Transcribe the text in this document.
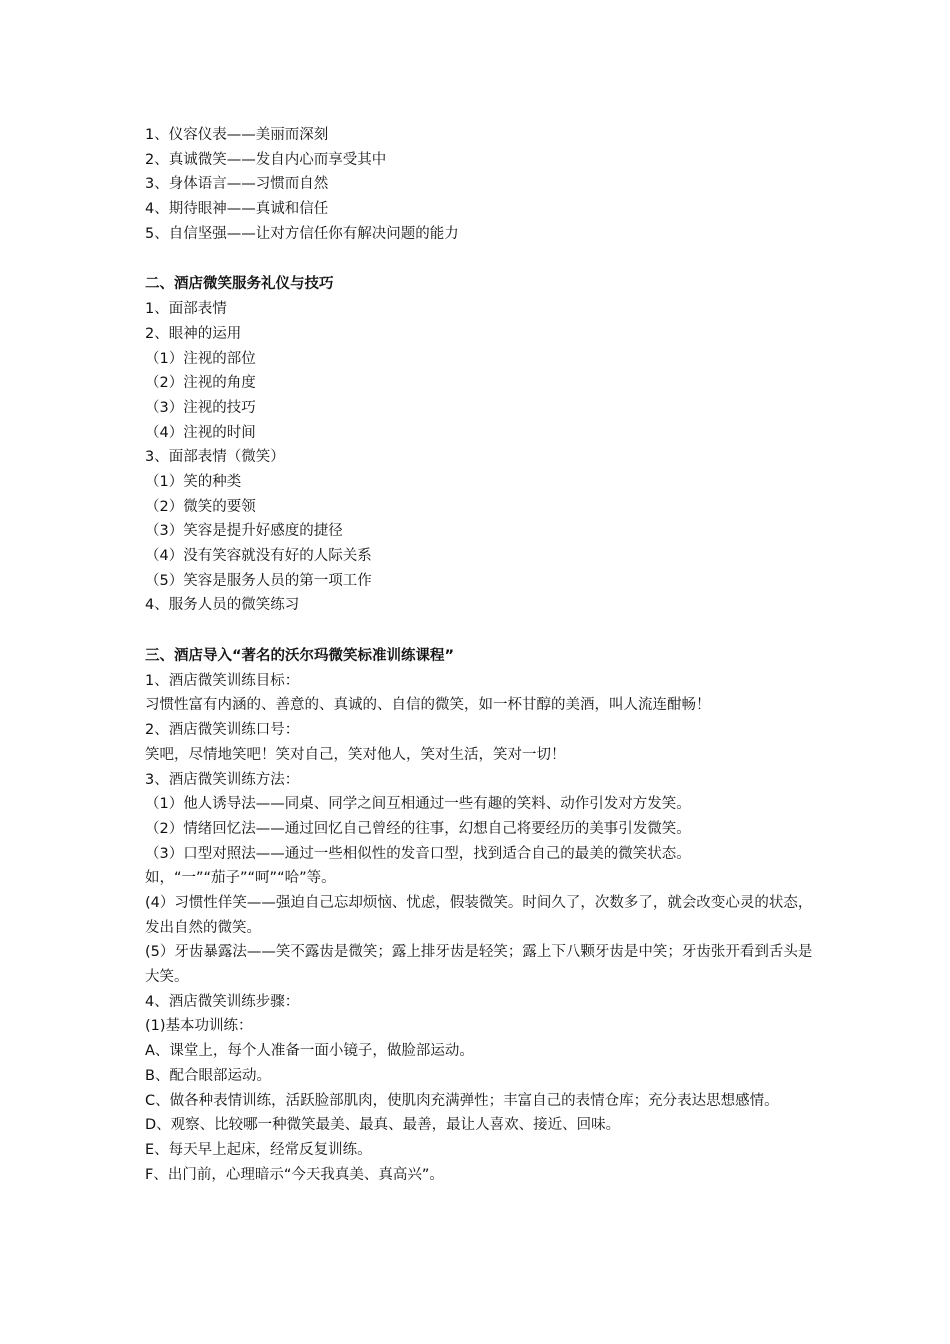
1、仪容仪表——美丽而深刻
2、真诚微笑——发自内心而享受其中
3、身体语言——习惯而自然
4、期待眼神——真诚和信任
5、自信坚强——让对方信任你有解决问题的能力
二、酒店微笑服务礼仪与技巧
1、面部表情
2、眼神的运用
（1）注视的部位
（2）注视的角度
（3）注视的技巧
（4）注视的时间
3、面部表情（微笑）
（1）笑的种类
（2）微笑的要领
（3）笑容是提升好感度的捷径
（4）没有笑容就没有好的人际关系
（5）笑容是服务人员的第一项工作
4、服务人员的微笑练习
三、酒店导入“著名的沃尔玛微笑标准训练课程”
1、酒店微笑训练目标：
习惯性富有内涵的、善意的、真诚的、自信的微笑，如一杯甘醇的美酒，叫人流连酣畅！
2、酒店微笑训练口号：
笑吧，尽情地笑吧！笑对自己，笑对他人，笑对生活，笑对一切！
3、酒店微笑训练方法：
（1）他人诱导法——同桌、同学之间互相通过一些有趣的笑料、动作引发对方发笑。
（2）情绪回忆法——通过回忆自己曾经的往事，幻想自己将要经历的美事引发微笑。
（3）口型对照法——通过一些相似性的发音口型，找到适合自己的最美的微笑状态。
如，“一”“茄子”“呵”“哈”等。
(4）习惯性佯笑——强迫自己忘却烦恼、忧虑，假装微笑。时间久了，次数多了，就会改变心灵的状态，发出自然的微笑。
(5）牙齿暴露法——笑不露齿是微笑；露上排牙齿是轻笑；露上下八颗牙齿是中笑；牙齿张开看到舌头是大笑。
4、酒店微笑训练步骤：
(1)基本功训练：
A、课堂上，每个人准备一面小镜子，做脸部运动。
B、配合眼部运动。
C、做各种表情训练，活跃脸部肌肉，使肌肉充满弹性；丰富自己的表情仓库；充分表达思想感情。
D、观察、比较哪一种微笑最美、最真、最善，最让人喜欢、接近、回味。
E、每天早上起床，经常反复训练。
F、出门前，心理暗示“今天我真美、真高兴”。
